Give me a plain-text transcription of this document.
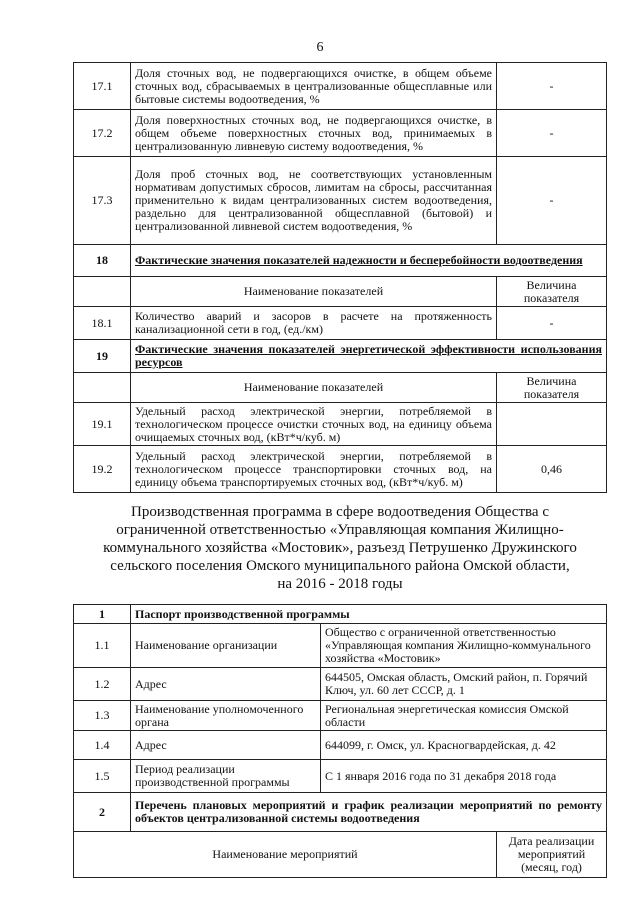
6
17.1	Доля сточных вод, не подвергающихся очистке, в общем объеме сточных вод, сбрасываемых в централизованные общесплавные или бытовые системы водоотведения, %	-
17.2	Доля поверхностных сточных вод, не подвергающихся очистке, в общем объеме поверхностных сточных вод, принимаемых в централизованную ливневую систему водоотведения, %	-
17.3	Доля проб сточных вод, не соответствующих установленным нормативам допустимых сбросов, лимитам на сбросы, рассчитанная применительно к видам централизованных систем водоотведения, раздельно для централизованной общесплавной (бытовой) и централизованной ливневой систем водоотведения, %	-
18	Фактические значения показателей надежности и бесперебойности водоотведения	
	Наименование показателей	Величина показателя
18.1	Количество аварий и засоров в расчете на протяженность канализационной сети в год, (ед./км)	-
19	Фактические значения показателей энергетической эффективности использования ресурсов	
	Наименование показателей	Величина показателя
19.1	Удельный расход электрической энергии, потребляемой в технологическом процессе очистки сточных вод, на единицу объема очищаемых сточных вод, (кВт*ч/куб. м)	
19.2	Удельный расход электрической энергии, потребляемой в технологическом процессе транспортировки сточных вод, на единицу объема транспортируемых сточных вод, (кВт*ч/куб. м)	0,46
Производственная программа в сфере водоотведения Общества с
ограниченной ответственностью «Управляющая компания Жилищно-
коммунального хозяйства «Мостовик», разъезд Петрушенко Дружинского
сельского поселения Омского муниципального района Омской области,
на 2016 - 2018 годы
1	Паспорт производственной программы		
1.1	Наименование организации	Общество с ограниченной ответственностью «Управляющая компания Жилищно-коммунального хозяйства «Мостовик»	
1.2	Адрес	644505, Омская область, Омский район, п. Горячий Ключ, ул. 60 лет СССР, д. 1	
1.3	Наименование уполномоченного органа	Региональная энергетическая комиссия Омской области	
1.4	Адрес	644099, г. Омск, ул. Красногвардейская, д. 42	
1.5	Период реализации производственной программы	С 1 января 2016 года по 31 декабря 2018 года	
2	Перечень плановых мероприятий и график реализации мероприятий по ремонту объектов централизованной системы водоотведения		
Наименование мероприятий			Дата реализации мероприятий (месяц, год)
